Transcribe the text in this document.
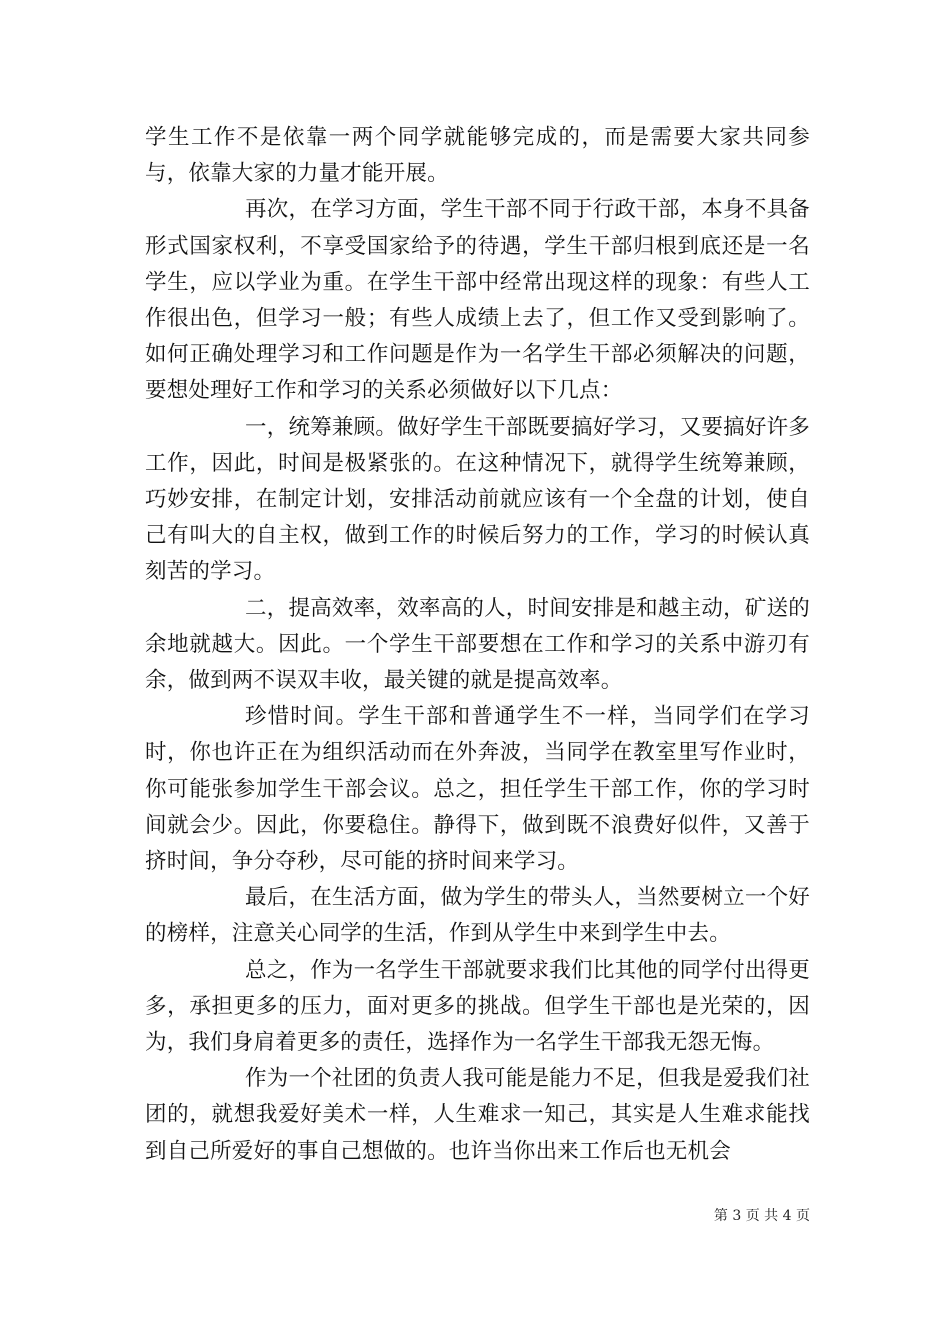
学生工作不是依靠一两个同学就能够完成的，而是需要大家共同参与，依靠大家的力量才能开展。

再次，在学习方面，学生干部不同于行政干部，本身不具备形式国家权利，不享受国家给予的待遇，学生干部归根到底还是一名学生，应以学业为重。在学生干部中经常出现这样的现象：有些人工作很出色，但学习一般；有些人成绩上去了，但工作又受到影响了。如何正确处理学习和工作问题是作为一名学生干部必须解决的问题，要想处理好工作和学习的关系必须做好以下几点：

一，统筹兼顾。做好学生干部既要搞好学习，又要搞好许多工作，因此，时间是极紧张的。在这种情况下，就得学生统筹兼顾，巧妙安排，在制定计划，安排活动前就应该有一个全盘的计划，使自己有叫大的自主权，做到工作的时候后努力的工作，学习的时候认真刻苦的学习。

二，提高效率，效率高的人，时间安排是和越主动，矿送的余地就越大。因此。一个学生干部要想在工作和学习的关系中游刃有余，做到两不误双丰收，最关键的就是提高效率。

珍惜时间。学生干部和普通学生不一样，当同学们在学习时，你也许正在为组织活动而在外奔波，当同学在教室里写作业时，你可能张参加学生干部会议。总之，担任学生干部工作，你的学习时间就会少。因此，你要稳住。静得下，做到既不浪费好似件，又善于挤时间，争分夺秒，尽可能的挤时间来学习。

最后，在生活方面，做为学生的带头人，当然要树立一个好的榜样，注意关心同学的生活，作到从学生中来到学生中去。

总之，作为一名学生干部就要求我们比其他的同学付出得更多，承担更多的压力，面对更多的挑战。但学生干部也是光荣的，因为，我们身肩着更多的责任，选择作为一名学生干部我无怨无悔。

作为一个社团的负责人我可能是能力不足，但我是爱我们社团的，就想我爱好美术一样，人生难求一知己，其实是人生难求能找到自己所爱好的事自己想做的。也许当你出来工作后也无机会

第 3 页 共 4 页
